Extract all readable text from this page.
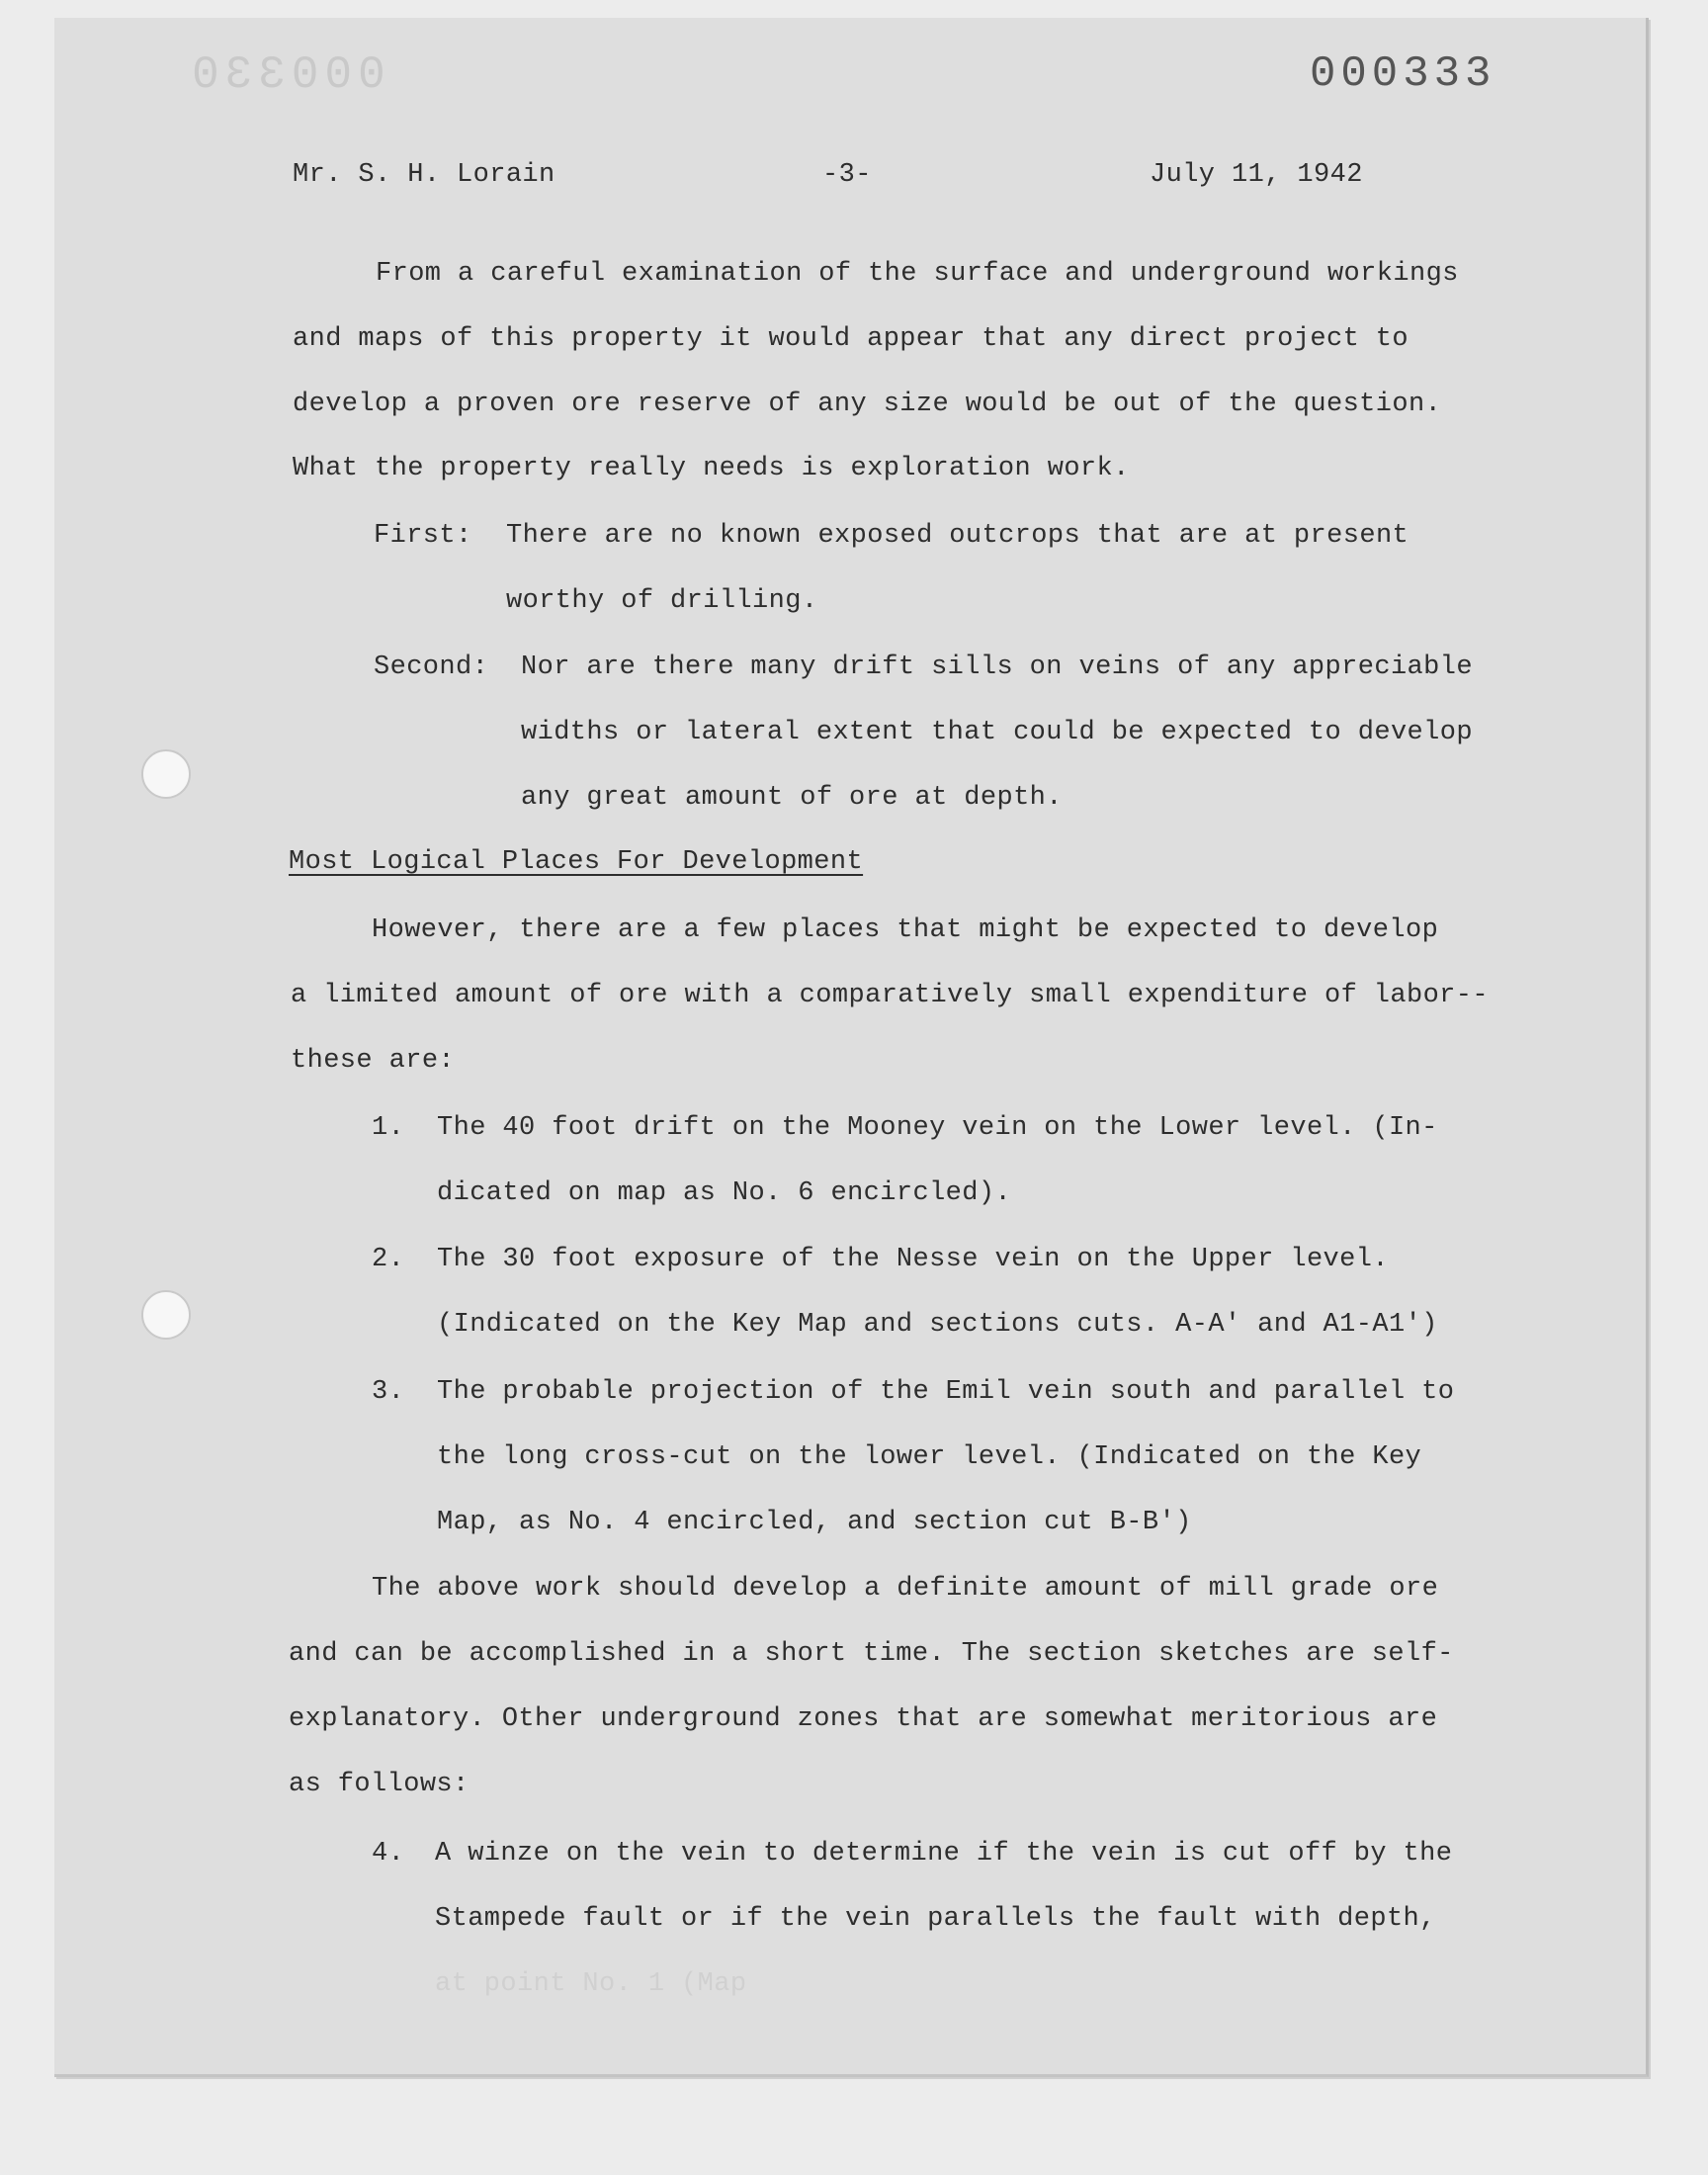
000330	000333
Mr. S. H. Lorain	-3-	July 11, 1942
From a careful examination of the surface and underground workings
and maps of this property it would appear that any direct project to
develop a proven ore reserve of any size would be out of the question.
What the property really needs is exploration work.
First: There are no known exposed outcrops that are at present
worthy of drilling.
Second: Nor are there many drift sills on veins of any appreciable
widths or lateral extent that could be expected to develop
any great amount of ore at depth.
Most Logical Places For Development
However, there are a few places that might be expected to develop
a limited amount of ore with a comparatively small expenditure of labor--
these are:
1. The 40 foot drift on the Mooney vein on the Lower level. (In-
dicated on map as No. 6 encircled).
2. The 30 foot exposure of the Nesse vein on the Upper level.
(Indicated on the Key Map and sections cuts. A-A' and A1-A1')
3. The probable projection of the Emil vein south and parallel to
the long cross-cut on the lower level. (Indicated on the Key
Map, as No. 4 encircled, and section cut B-B')
The above work should develop a definite amount of mill grade ore
and can be accomplished in a short time. The section sketches are self-
explanatory. Other underground zones that are somewhat meritorious are
as follows:
4. A winze on the vein to determine if the vein is cut off by the
Stampede fault or if the vein parallels the fault with depth,
at point No. 1 (Map
